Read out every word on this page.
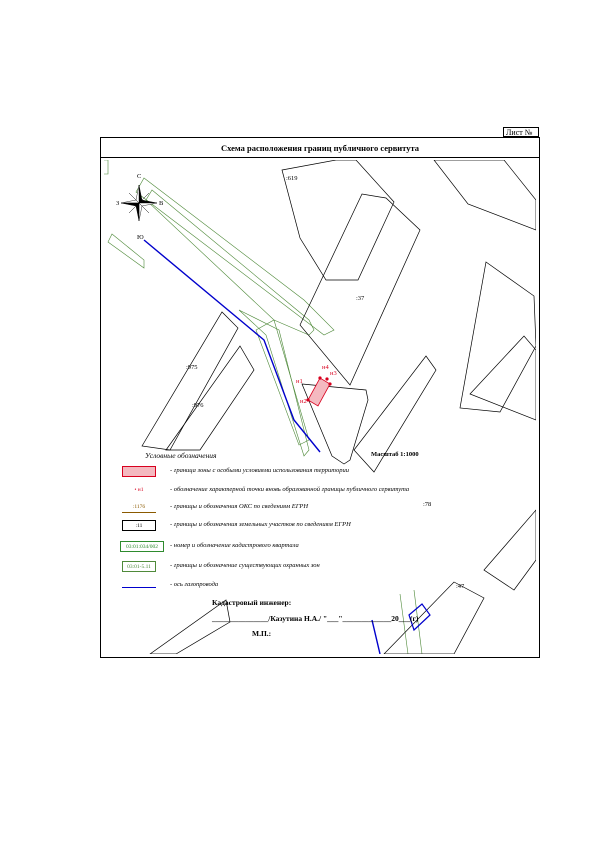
Лист №
Схема расположения границ публичного сервитута
С
Ю
З	В
:619
:37
:975
:976
:78
:47
н1
н2
н3
н4
Условные обозначения	Масштаб 1:1000
- граница зоны с особыми условиями использования территории
• н1	- обозначение характерной точки вновь образованной границы публичного сервитута
:1176	- границы и обозначения ОКС по сведениям ЕГРН
:11	- границы и обозначения земельных участков по сведениям ЕГРН
03:01:034/002	- номер и обозначение кадастрового квартала
03:01-5.11	- границы и обозначение существующих охранных зон
- ось газопровода
Кадастровый инженер:
_______________/Казутина Н.А./ "___"_____________20___(г)
М.П.:
